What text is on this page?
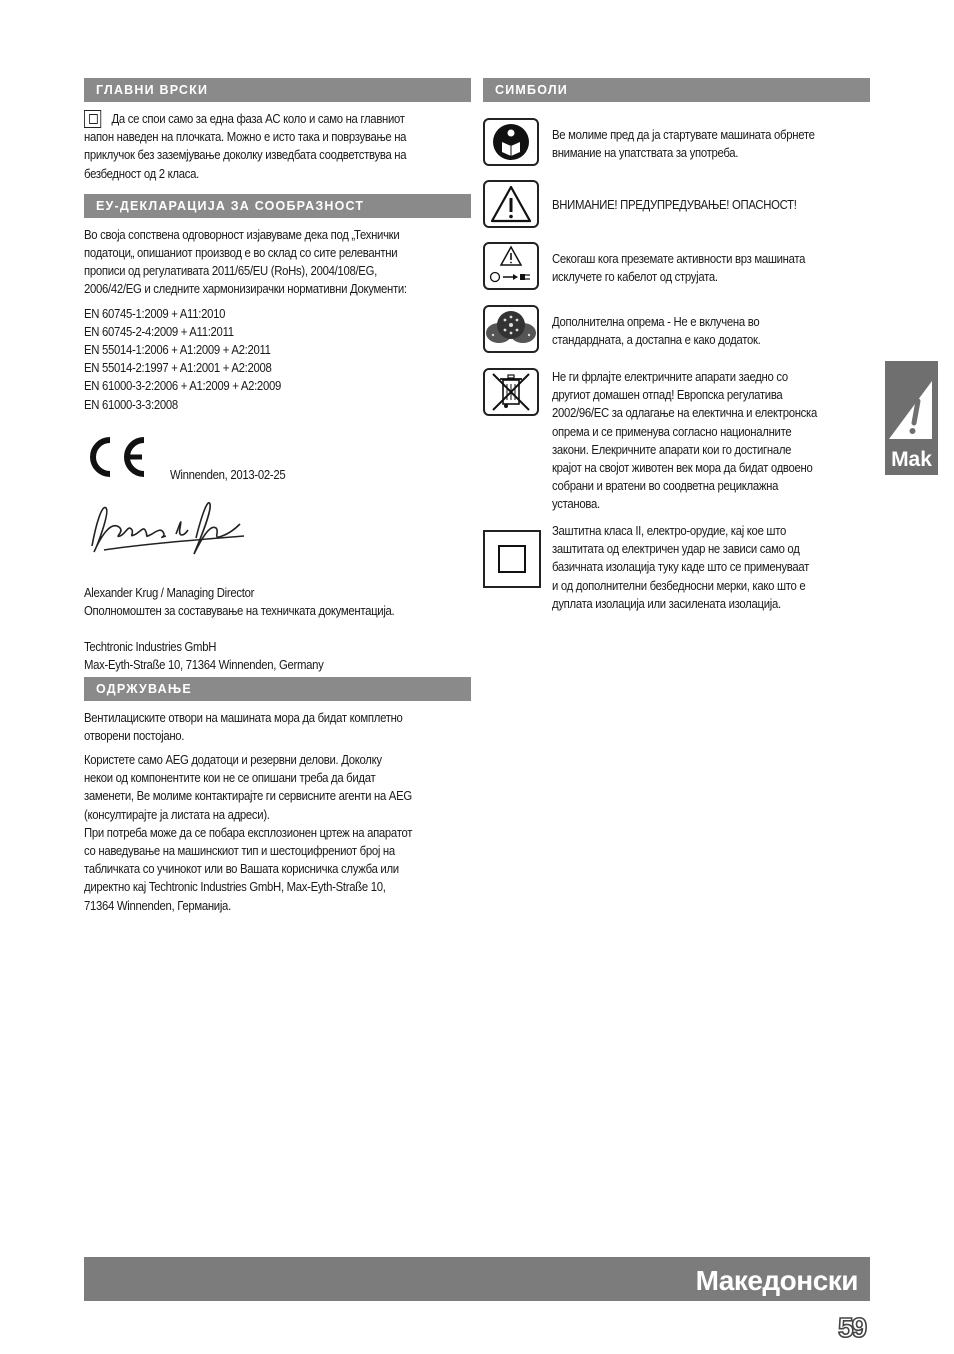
ГЛАВНИ ВРСКИ

Да се спои само за една фаза AC коло и само на главниот

напон наведен на плочката. Можно е исто така и поврзување на

приклучок без заземјување доколку изведбата соодветствува на

безбедност од 2 класа.

ЕУ-ДЕКЛАРАЦИЈА ЗА СООБРАЗНОСТ

Во своја сопствена одговорност изјавуваме дека под „Технички

податоци„ опишаниот производ е во склад со сите релевантни

прописи од регулативата 2011/65/EU (RoHs), 2004/108/EG,

2006/42/EG и следните хармонизирачки нормативни Документи:

EN 60745-1:2009 + A11:2010

EN 60745-2-4:2009 + A11:2011

EN 55014-1:2006 + A1:2009 + A2:2011

EN 55014-2:1997 + A1:2001 + A2:2008

EN 61000-3-2:2006 + A1:2009 + A2:2009

EN 61000-3-3:2008

Winnenden, 2013-02-25

Alexander Krug / Managing Director

Ополномоштен за составување на техничката документација.

Techtronic Industries GmbH

Max-Eyth-Straße 10, 71364 Winnenden, Germany

ОДРЖУВАЊЕ

Вентилациските отвори на машината мора да бидат комплетно

отворени постојано.

Користете само AEG додатоци и резервни делови. Доколку

некои од компонентите кои не се опишани треба да бидат

заменети, Ве молиме контактирајте ги сервисните агенти на AEG

(консултирајте ја листата на адреси).

При потреба може да се побара експлозионен цртеж на апаратот

со наведување на машинскиот тип и шестоцифрениот број на

табличката со учинокот или во Вашата корисничка служба или

директно кај Techtronic Industries GmbH, Max-Eyth-Straße 10,

71364 Winnenden, Германија.

СИМБОЛИ

Ве молиме пред да ја стартувате машината обрнете

внимание на упатствата за употреба.

ВНИМАНИЕ! ПРЕДУПРЕДУВАЊЕ! ОПАСНОСТ!

Секогаш кога преземате активности врз машината

исклучете го кабелот од струјата.

Дополнителна опрема - Не е вклучена во

стандардната, а достапна е како додаток.

Не ги фрлајте електричните апарати заедно со

другиот домашен отпад! Европска регулатива

2002/96/EC за одлагање на електична и електронска

опрема и се применува согласно националните

закони. Елекричните апарати кои го достигнале

крајот на својот животен век мора да бидат одвоено

собрани и вратени во соодветна рециклажна

установа.

Заштитна класа II, електро-орудие, кај кое што

заштитата од електричен удар не зависи само од

базичната изолација туку каде што се применуваат

и од дополнителни безбедносни мерки, како што е

дуплата изолација или засилената изолација.

Mak
Македонски
59
